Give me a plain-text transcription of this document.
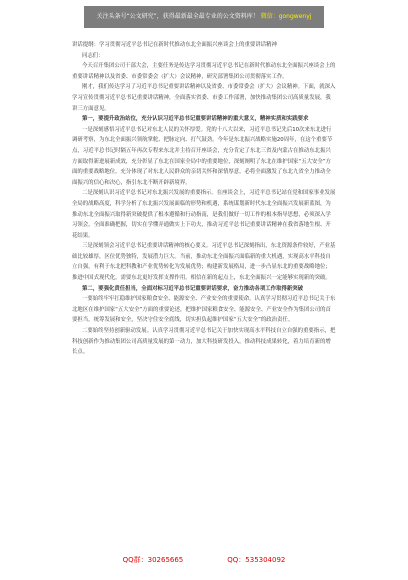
关注头条号“公文研究”，获得最新最全最专业的公文资料库！ 微信：gongwenyj

讲话提纲：学习贯彻习近平总书记在新时代推动东北全面振兴座谈会上的重要讲话精神

同志们：

今天召开集团公司干部大会，主要任务是传达学习贯彻习近平总书记在新时代推动东北全面振兴座谈会上的重要讲话精神以及省委、市委常委会（扩大）会议精神，研究部署集团公司贯彻落实工作。

刚才，我们传达学习了习近平总书记重要讲话精神以及省委、市委常委会（扩大）会议精神。下面，就深入学习宣传贯彻习近平总书记重要讲话精神，全面落实省委、市委工作部署，加快推动集团公司高质量发展，我讲三方面意见。

第一，要提升政治站位，充分认识习近平总书记重要讲话精神的重大意义，精神实质和实践要求

一是深刻感悟习近平总书记对东北人民的关怀厚爱。党的十八大以来，习近平总书记先后10次来东北进行调研考察，为东北全面振兴领航掌舵、把脉定向、打气鼓劲。今年是东北振兴战略实施20周年，在这个重要节点，习近平总书记时隔五年再次专程来东北并主持召开座谈会，充分肯定了东北三省及内蒙古在推动东北振兴方面取得新进展新成效，充分彰显了东北在国家全局中的重要地位，深刻阐明了东北在维护国家“五大安全”方面的重要战略地位，充分体现了对东北人民群众的亲切关怀和深情厚意，必将全面激发了东北九省全力推动全面振兴的信心和决心，指引东北不断开辟新境界。

二是深刻认识习近平总书记对东北振兴发展的重要指示。在座谈会上，习近平总书记站在党和国家事业发展全局的战略高度，科学分析了东北振兴发展面临的形势和机遇，系统谋划新时代东北全面振兴发展新蓝图，为推动东北全面振兴取得新突破提供了根本遵循和行动指南，是我们做好一切工作的根本指导思想，必须深入学习领会，全面准确把握，切实在学懂弄通做实上下功夫，推动习近平总书记重要讲话精神在我省落地生根、开花结果。

三是深刻领会习近平总书记重要讲话精神的核心要义。习近平总书记深刻指出，东北资源条件较好，产业基础比较雄厚，区位优势独特，发展潜力巨大。当前，推动东北全面振兴面临新的重大机遇，实现高水平科技自立自强，有利于东北把科教和产业优势转化为发展优势；构建新发展格局，进一步凸显东北的重要战略地位；推进中国式现代化，需要东北更好发挥支撑作用。相信在新的起点上，东北全面振兴一定能够实现新的突破。

第二，要强化责任担当，全面对标习近平总书记重要讲话要求，奋力推动各项工作取得新突破

一要始终牢牢扛稳维护国家粮食安全、能源安全、产业安全的重要使命。认真学习贯彻习近平总书记关于东北地区在维护国家“五大安全”方面的重要论述，把维护国家粮食安全、能源安全、产业安全作为集团公司的首要担当，统筹发展和安全，坚决守住安全底线，切实担负起维护国家“五大安全”的政治责任。

二要始终坚持创新驱动发展。认真学习贯彻习近平总书记关于加快实现高水平科技自立自强的重要指示，把科技创新作为推动集团公司高质量发展的第一动力，加大科技研发投入，推动科技成果转化，着力培育新的增长点。

QQ群：30265665	QQ：535304092
